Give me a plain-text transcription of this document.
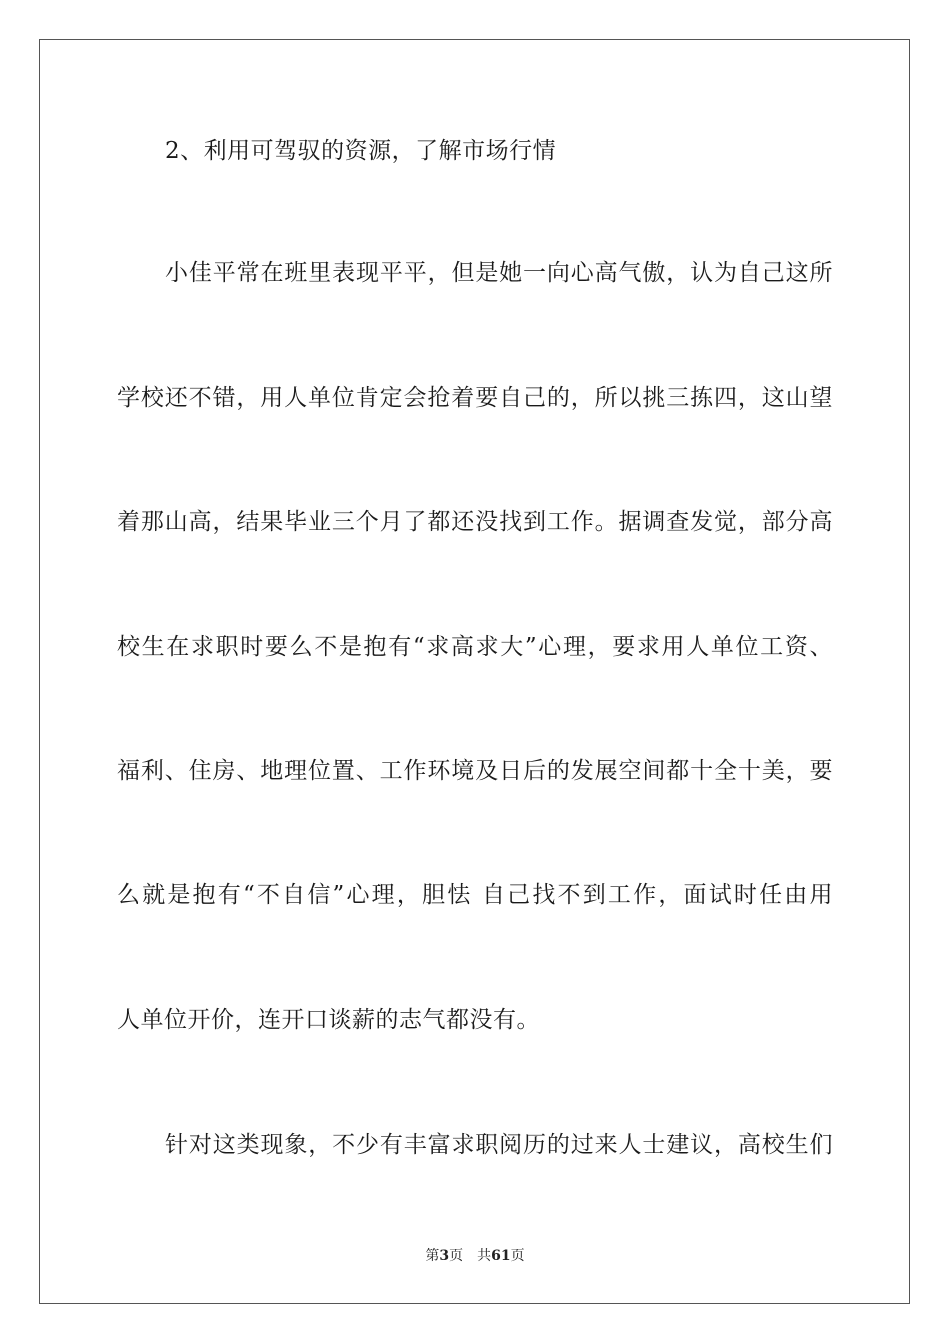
2、利用可驾驭的资源，了解市场行情
小佳平常在班里表现平平，但是她一向心高气傲，认为自己这所
学校还不错，用人单位肯定会抢着要自己的，所以挑三拣四，这山望
着那山高，结果毕业三个月了都还没找到工作。据调查发觉，部分高
校生在求职时要么不是抱有“求高求大”心理，要求用人单位工资、
福利、住房、地理位置、工作环境及日后的发展空间都十全十美，要
么就是抱有“不自信”心理，胆怯 自己找不到工作，面试时任由用
人单位开价，连开口谈薪的志气都没有。
针对这类现象，不少有丰富求职阅历的过来人士建议，高校生们
第3页 共61页
